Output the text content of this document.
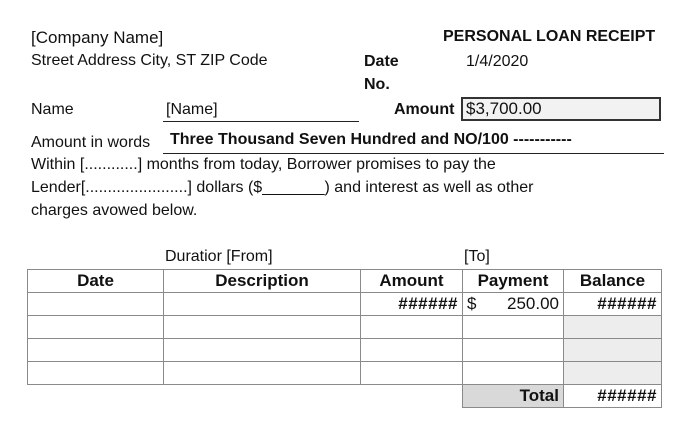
[Company Name]
Street Address City, ST ZIP Code
PERSONAL LOAN RECEIPT
Date	1/4/2020
No.
Name	[Name]	Amount $3,700.00
Amount in words Three Thousand Seven Hundred and NO/100 -----------
Within [............] months from today, Borrower promises to pay the
Lender[.......................] dollars ($_______) and interest as well as other
charges avowed below.
Duratior [From]	[To]
Date	Description	Amount	Payment	Balance
		######	$ 250.00	######

			Total	######
